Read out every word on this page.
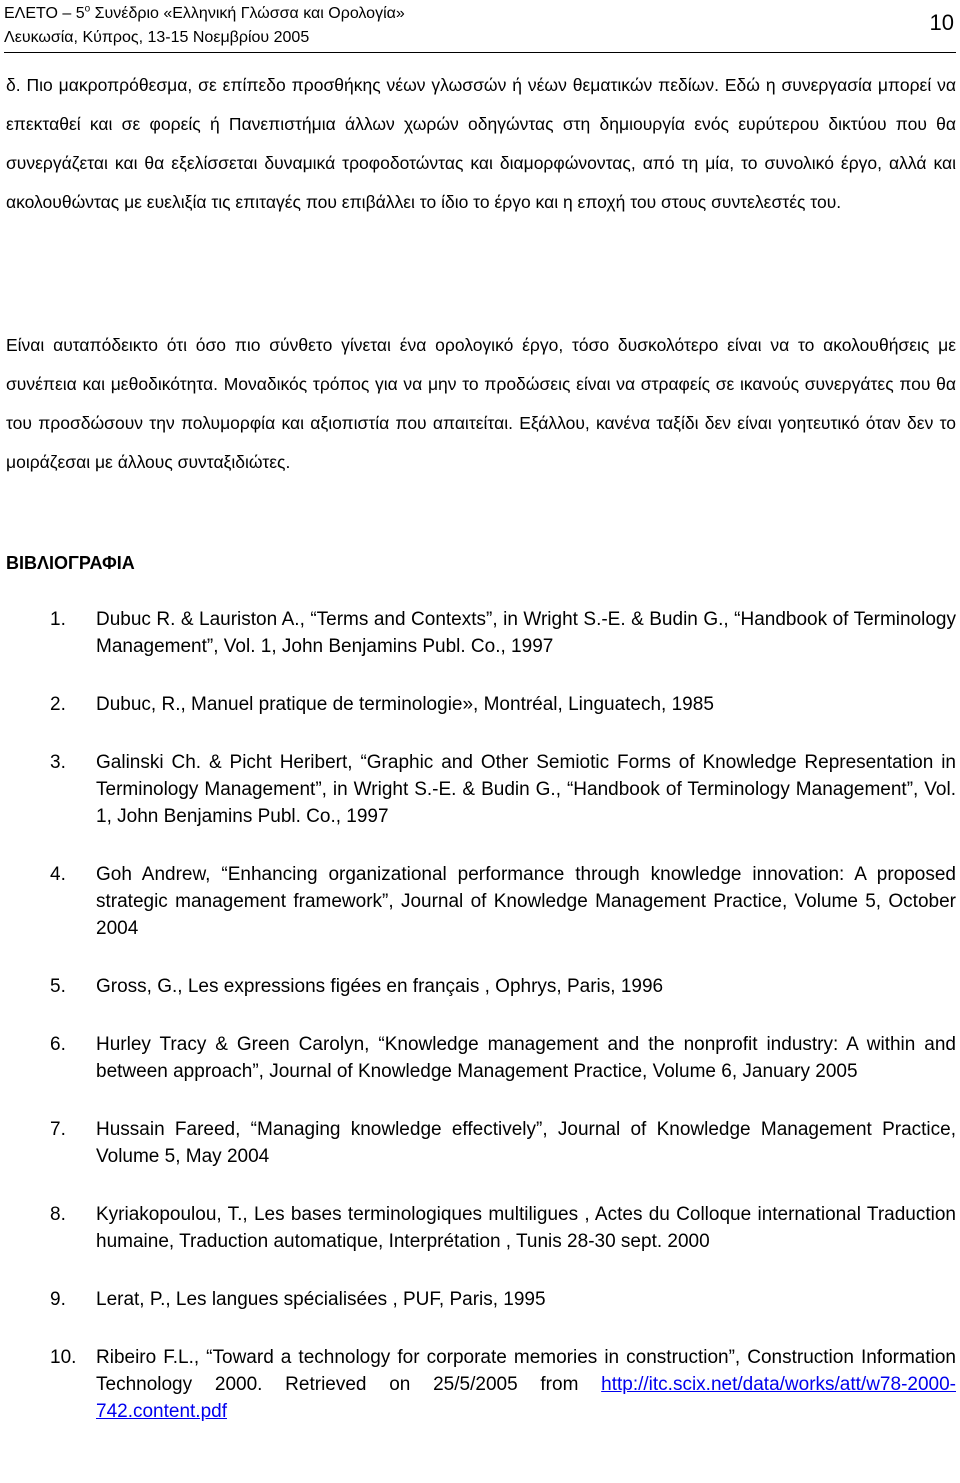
ΕΛΕΤΟ – $5^o$ Συνέδριο «Ελληνική Γλώσσα και Ορολογία»
Λευκωσία, Κύπρος, 13-15 Νοεμβρίου 2005
10

δ. Πιο μακροπρόθεσμα, σε επίπεδο προσθήκης νέων γλωσσών ή νέων θεματικών πεδίων. Εδώ η συνεργασία μπορεί να επεκταθεί και σε φορείς ή Πανεπιστήμια άλλων χωρών οδηγώντας στη δημιουργία ενός ευρύτερου δικτύου που θα συνεργάζεται και θα εξελίσσεται δυναμικά τροφοδοτώντας και διαμορφώνοντας, από τη μία, το συνολικό έργο, αλλά και ακολουθώντας με ευελιξία τις επιταγές που επιβάλλει το ίδιο το έργο και η εποχή του στους συντελεστές του.

Είναι αυταπόδεικτο ότι όσο πιο σύνθετο γίνεται ένα ορολογικό έργο, τόσο δυσκολότερο είναι να το ακολουθήσεις με συνέπεια και μεθοδικότητα. Μοναδικός τρόπος για να μην το προδώσεις είναι να στραφείς σε ικανούς συνεργάτες που θα του προσδώσουν την πολυμορφία και αξιοπιστία που απαιτείται. Εξάλλου, κανένα ταξίδι δεν είναι γοητευτικό όταν δεν το μοιράζεσαι με άλλους συνταξιδιώτες.

ΒΙΒΛΙΟΓΡΑΦΙΑ
1. Dubuc R. & Lauriston A., “Terms and Contexts”, in Wright S.-E. & Budin G., “Handbook of Terminology Management”, Vol. 1, John Benjamins Publ. Co., 1997
2. Dubuc, R., Manuel pratique de terminologie», Montréal, Linguatech, 1985
3. Galinski Ch. & Picht Heribert, “Graphic and Other Semiotic Forms of Knowledge Representation in Terminology Management”, in Wright S.-E. & Budin G., “Handbook of Terminology Management”, Vol. 1, John Benjamins Publ. Co., 1997
4. Goh Andrew, “Enhancing organizational performance through knowledge innovation: A proposed strategic management framework”, Journal of Knowledge Management Practice, Volume 5, October 2004
5. Gross, G., Les expressions figées en français , Ophrys, Paris, 1996
6. Hurley Tracy & Green Carolyn, “Knowledge management and the nonprofit industry: A within and between approach”, Journal of Knowledge Management Practice, Volume 6, January 2005
7. Hussain Fareed, “Managing knowledge effectively”, Journal of Knowledge Management Practice, Volume 5, May 2004
8. Kyriakopoulou, T., Les bases terminologiques multiligues , Actes du Colloque international Traduction humaine, Traduction automatique, Interprétation , Tunis 28-30 sept. 2000
9. Lerat, P., Les langues spécialisées , PUF, Paris, 1995
10. Ribeiro F.L., “Toward a technology for corporate memories in construction”, Construction Information Technology 2000. Retrieved on 25/5/2005 from http://itc.scix.net/data/works/att/w78-2000-742.content.pdf
